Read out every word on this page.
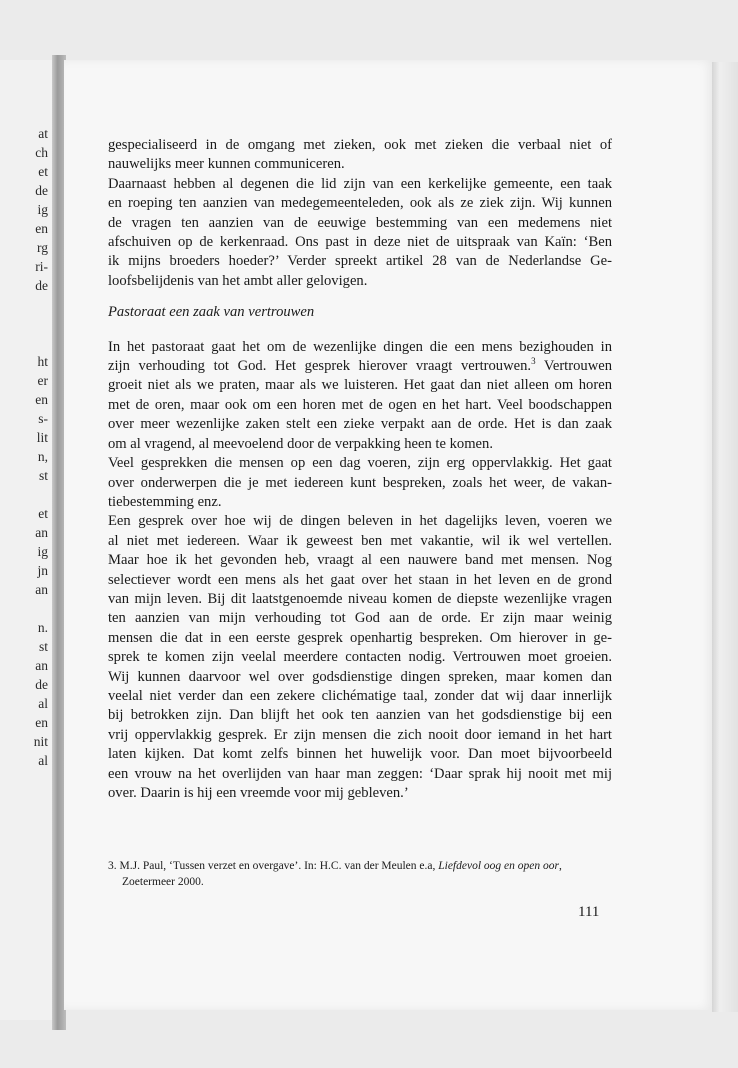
at
ch
et
de
ig
en
rg
ri-
de
ht
er
en
s-
lit
n,
st
et
an
ig
jn
an
n.
st
an
de
al
en
nit
al
gespecialiseerd in de omgang met zieken, ook met zieken die verbaal niet of
nauwelijks meer kunnen communiceren.
Daarnaast hebben al degenen die lid zijn van een kerkelijke gemeente, een taak
en roeping ten aanzien van medegemeenteleden, ook als ze ziek zijn. Wij kunnen
de vragen ten aanzien van de eeuwige bestemming van een medemens niet
afschuiven op de kerkenraad. Ons past in deze niet de uitspraak van Kaïn: ‘Ben
ik mijns broeders hoeder?’ Verder spreekt artikel 28 van de Nederlandse Ge-
loofsbelijdenis van het ambt aller gelovigen.
Pastoraat een zaak van vertrouwen
In het pastoraat gaat het om de wezenlijke dingen die een mens bezighouden in
zijn verhouding tot God. Het gesprek hierover vraagt vertrouwen.$^3$ Vertrouwen
groeit niet als we praten, maar als we luisteren. Het gaat dan niet alleen om horen
met de oren, maar ook om een horen met de ogen en het hart. Veel boodschappen
over meer wezenlijke zaken stelt een zieke verpakt aan de orde. Het is dan zaak
om al vragend, al meevoelend door de verpakking heen te komen.
Veel gesprekken die mensen op een dag voeren, zijn erg oppervlakkig. Het gaat
over onderwerpen die je met iedereen kunt bespreken, zoals het weer, de vakan-
tiebestemming enz.
Een gesprek over hoe wij de dingen beleven in het dagelijks leven, voeren we
al niet met iedereen. Waar ik geweest ben met vakantie, wil ik wel vertellen.
Maar hoe ik het gevonden heb, vraagt al een nauwere band met mensen. Nog
selectiever wordt een mens als het gaat over het staan in het leven en de grond
van mijn leven. Bij dit laatstgenoemde niveau komen de diepste wezenlijke vragen
ten aanzien van mijn verhouding tot God aan de orde. Er zijn maar weinig
mensen die dat in een eerste gesprek openhartig bespreken. Om hierover in ge-
sprek te komen zijn veelal meerdere contacten nodig. Vertrouwen moet groeien.
Wij kunnen daarvoor wel over godsdienstige dingen spreken, maar komen dan
veelal niet verder dan een zekere clichématige taal, zonder dat wij daar innerlijk
bij betrokken zijn. Dan blijft het ook ten aanzien van het godsdienstige bij een
vrij oppervlakkig gesprek. Er zijn mensen die zich nooit door iemand in het hart
laten kijken. Dat komt zelfs binnen het huwelijk voor. Dan moet bijvoorbeeld
een vrouw na het overlijden van haar man zeggen: ‘Daar sprak hij nooit met mij
over. Daarin is hij een vreemde voor mij gebleven.’
3. M.J. Paul, ‘Tussen verzet en overgave’. In: H.C. van der Meulen e.a, Liefdevol oog en open oor,
Zoetermeer 2000.
111
